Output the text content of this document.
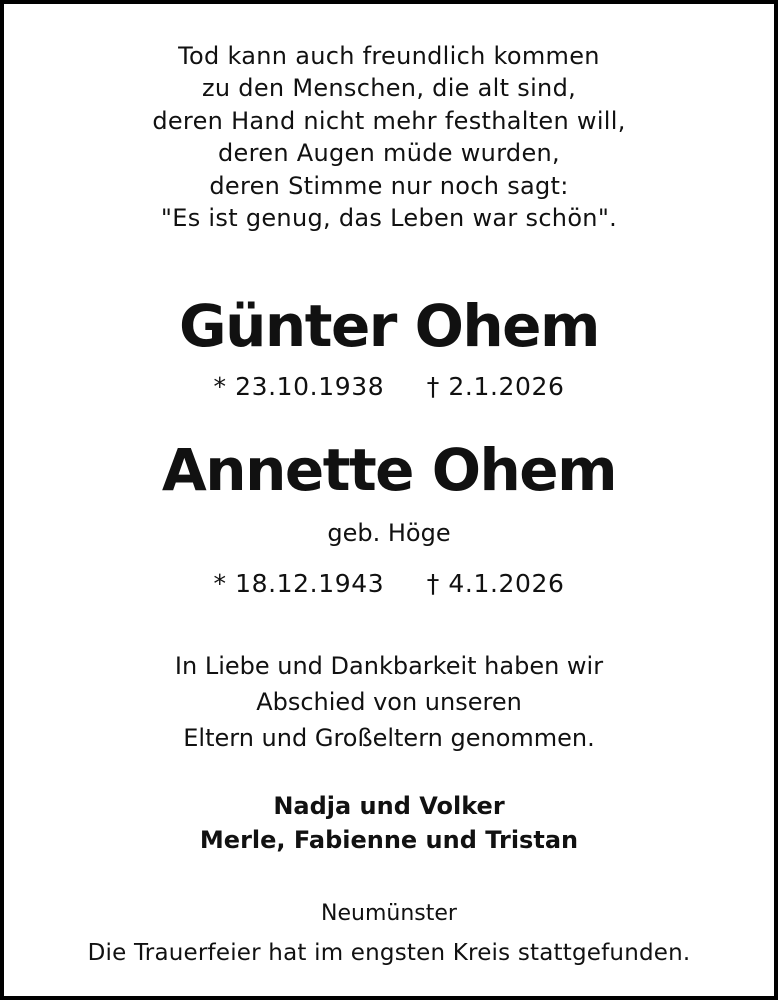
Tod kann auch freundlich kommen
zu den Menschen, die alt sind,
deren Hand nicht mehr festhalten will,
deren Augen müde wurden,
deren Stimme nur noch sagt:
"Es ist genug, das Leben war schön".
Günter Ohem
* 23.10.1938 † 2.1.2026
Annette Ohem
geb. Höge
* 18.12.1943 † 4.1.2026
In Liebe und Dankbarkeit haben wir
Abschied von unseren
Eltern und Großeltern genommen.
Nadja und Volker
Merle, Fabienne und Tristan
Neumünster
Die Trauerfeier hat im engsten Kreis stattgefunden.
